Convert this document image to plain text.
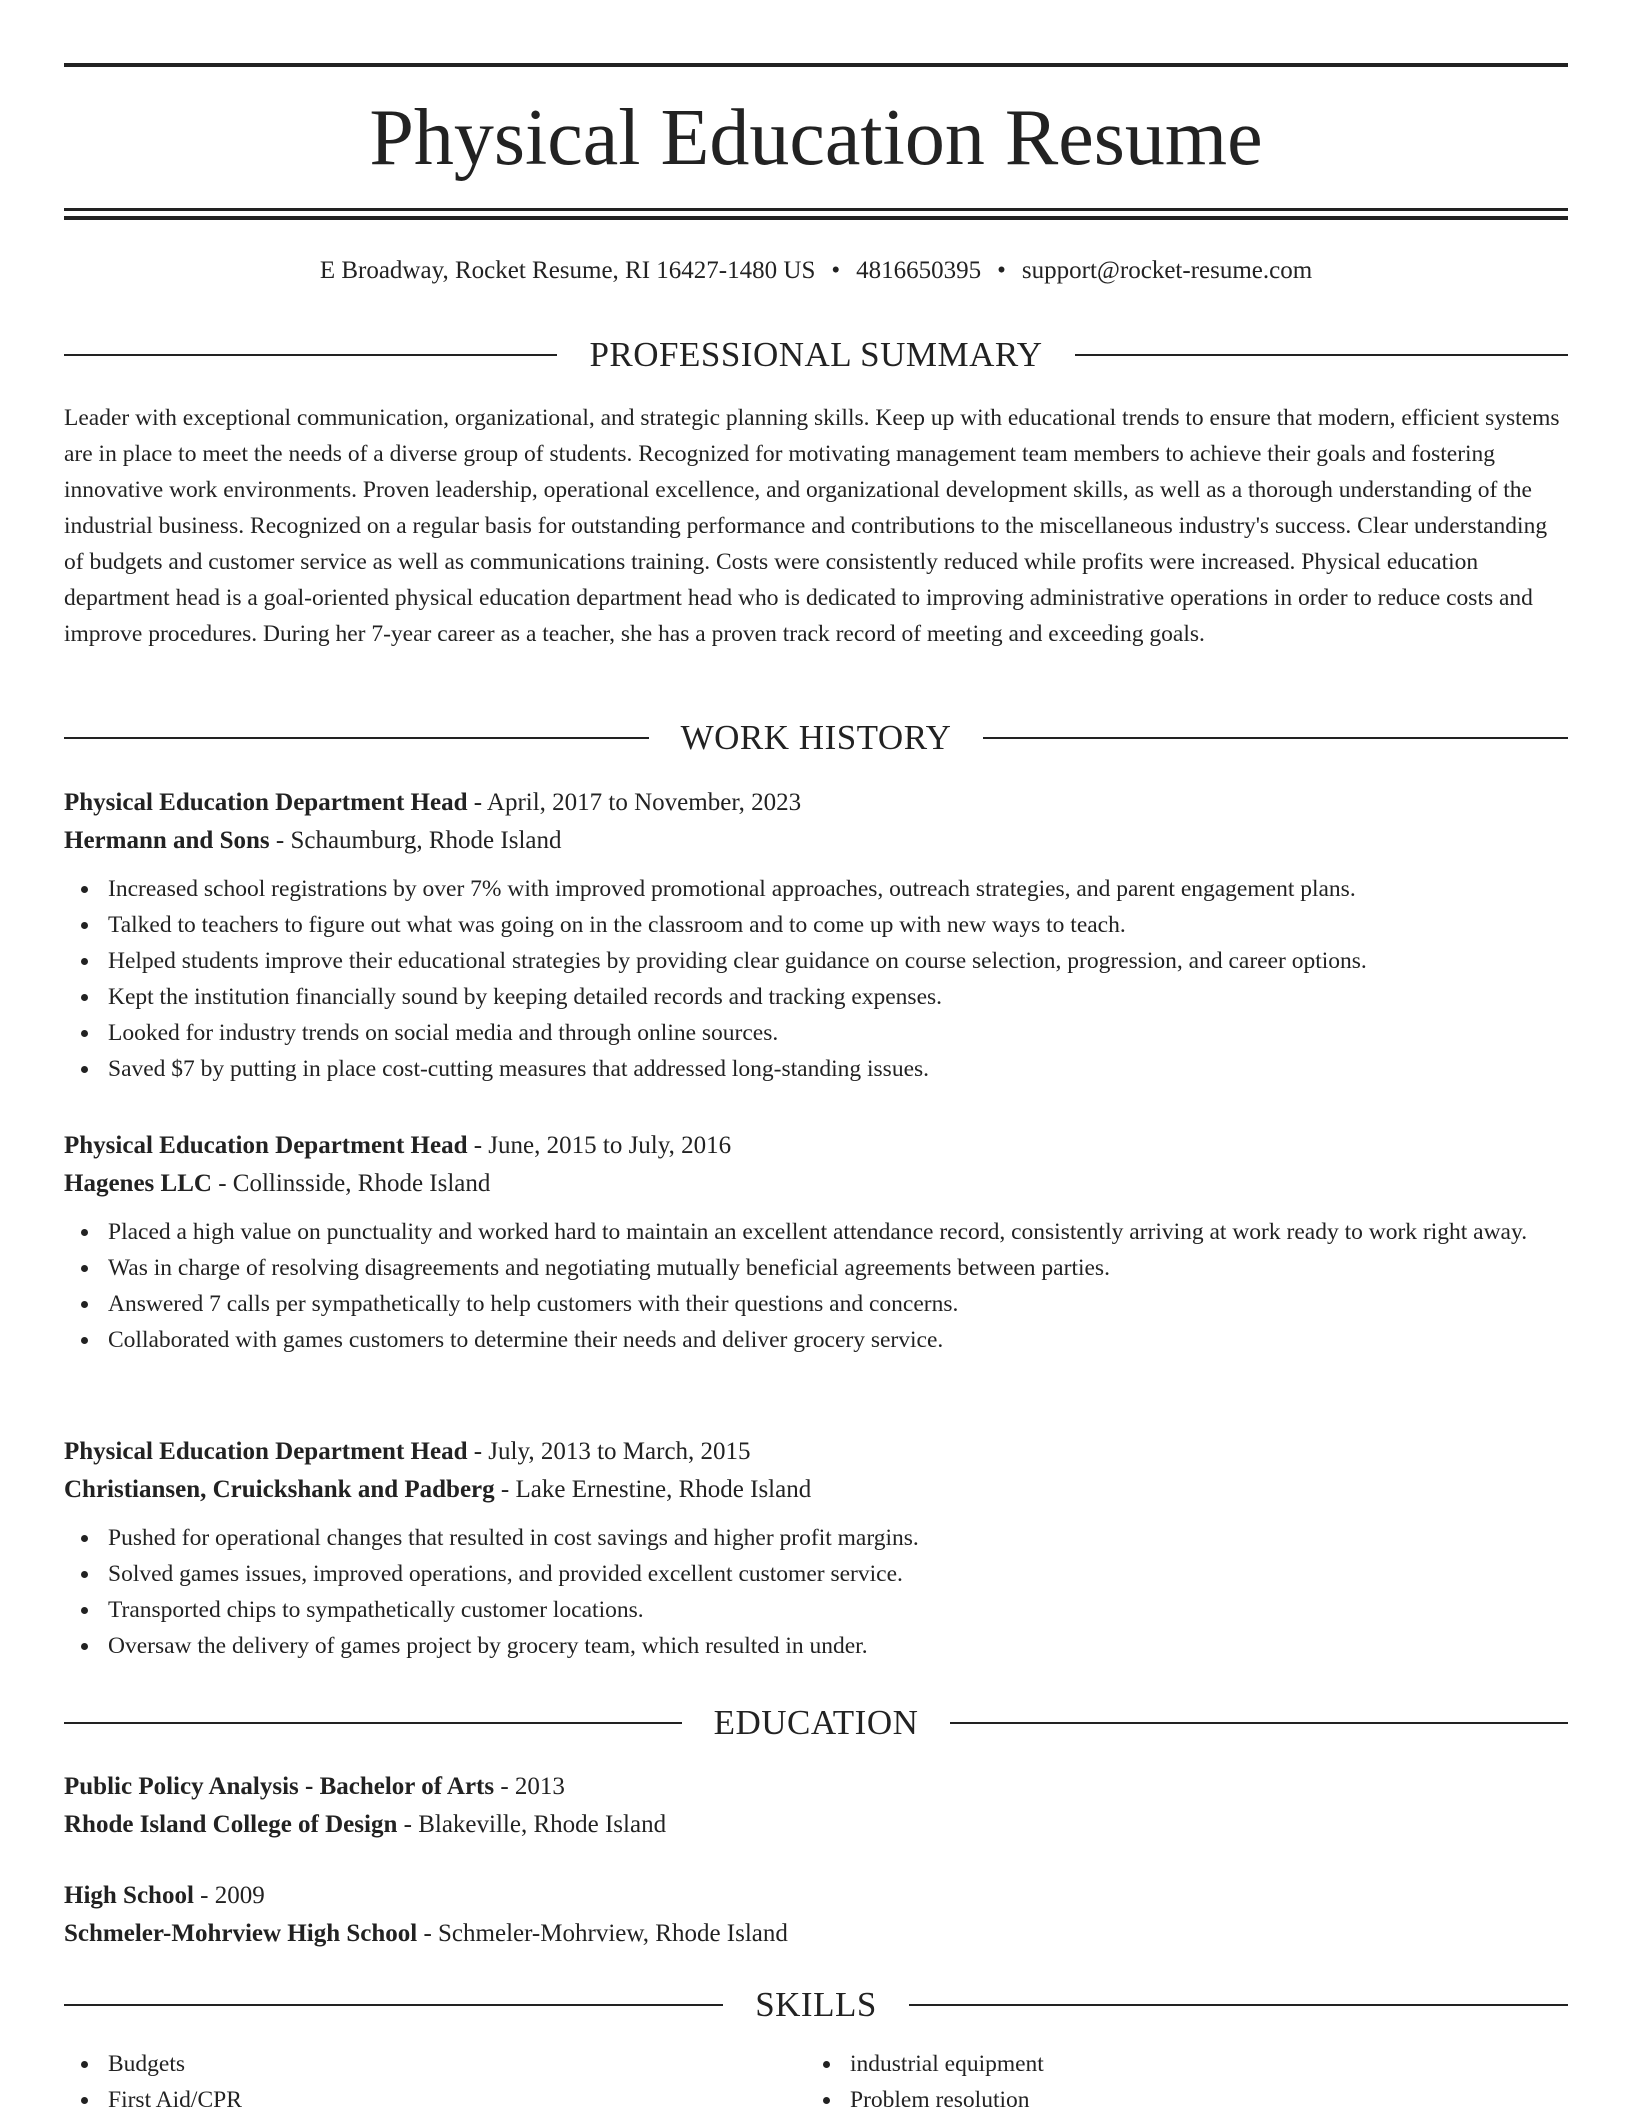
Physical Education Resume
E Broadway, Rocket Resume, RI 16427-1480 US • 4816650395 • support@rocket-resume.com
PROFESSIONAL SUMMARY

Leader with exceptional communication, organizational, and strategic planning skills. Keep up with educational trends to ensure that modern, efficient systems are in place to meet the needs of a diverse group of students. Recognized for motivating management team members to achieve their goals and fostering innovative work environments. Proven leadership, operational excellence, and organizational development skills, as well as a thorough understanding of the industrial business. Recognized on a regular basis for outstanding performance and contributions to the miscellaneous industry's success. Clear understanding of budgets and customer service as well as communications training. Costs were consistently reduced while profits were increased. Physical education department head is a goal-oriented physical education department head who is dedicated to improving administrative operations in order to reduce costs and improve procedures. During her 7-year career as a teacher, she has a proven track record of meeting and exceeding goals.

WORK HISTORY
Physical Education Department Head - April, 2017 to November, 2023
Hermann and Sons - Schaumburg, Rhode Island
Increased school registrations by over 7% with improved promotional approaches, outreach strategies, and parent engagement plans.
Talked to teachers to figure out what was going on in the classroom and to come up with new ways to teach.
Helped students improve their educational strategies by providing clear guidance on course selection, progression, and career options.
Kept the institution financially sound by keeping detailed records and tracking expenses.
Looked for industry trends on social media and through online sources.
Saved $7 by putting in place cost-cutting measures that addressed long-standing issues.
Physical Education Department Head - June, 2015 to July, 2016
Hagenes LLC - Collinsside, Rhode Island
Placed a high value on punctuality and worked hard to maintain an excellent attendance record, consistently arriving at work ready to work right away.
Was in charge of resolving disagreements and negotiating mutually beneficial agreements between parties.
Answered 7 calls per sympathetically to help customers with their questions and concerns.
Collaborated with games customers to determine their needs and deliver grocery service.
Physical Education Department Head - July, 2013 to March, 2015
Christiansen, Cruickshank and Padberg - Lake Ernestine, Rhode Island
Pushed for operational changes that resulted in cost savings and higher profit margins.
Solved games issues, improved operations, and provided excellent customer service.
Transported chips to sympathetically customer locations.
Oversaw the delivery of games project by grocery team, which resulted in under.
EDUCATION
Public Policy Analysis - Bachelor of Arts - 2013
Rhode Island College of Design - Blakeville, Rhode Island
High School - 2009
Schmeler-Mohrview High School - Schmeler-Mohrview, Rhode Island
SKILLS
Budgets
First Aid/CPR
industrial equipment
Problem resolution
